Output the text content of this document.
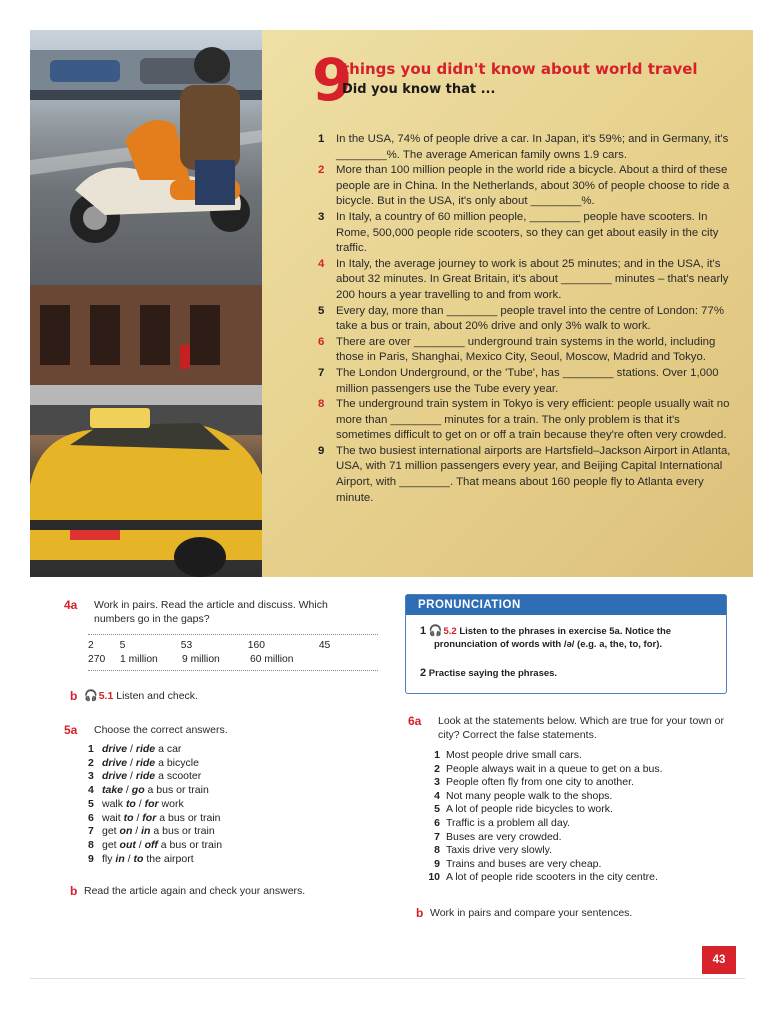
9
things you didn't know about world travel
Did you know that ...
1 In the USA, 74% of people drive a car. In Japan, it's 59%; and in Germany, it's ________%. The average American family owns 1.9 cars.
2 More than 100 million people in the world ride a bicycle. About a third of these people are in China. In the Netherlands, about 30% of people choose to ride a bicycle. But in the USA, it's only about ________%.
3 In Italy, a country of 60 million people, ________ people have scooters. In Rome, 500,000 people ride scooters, so they can get about easily in the city traffic.
4 In Italy, the average journey to work is about 25 minutes; and in the USA, it's about 32 minutes. In Great Britain, it's about ________ minutes – that's nearly 200 hours a year travelling to and from work.
5 Every day, more than ________ people travel into the centre of London: 77% take a bus or train, about 20% drive and only 3% walk to work.
6 There are over ________ underground train systems in the world, including those in Paris, Shanghai, Mexico City, Seoul, Moscow, Madrid and Tokyo.
7 The London Underground, or the 'Tube', has ________ stations. Over 1,000 million passengers use the Tube every year.
8 The underground train system in Tokyo is very efficient: people usually wait no more than ________ minutes for a train. The only problem is that it's sometimes difficult to get on or off a train because they're often very crowded.
9 The two busiest international airports are Hartsfield–Jackson Airport in Atlanta, USA, with 71 million passengers every year, and Beijing Capital International Airport, with ________. That means about 160 people fly to Atlanta every minute.
4a Work in pairs. Read the article and discuss. Which numbers go in the gaps?
2	5	53	160	45
270	1 million	9 million	60 million
b 🎧5.1 Listen and check.
5a Choose the correct answers.
1 drive / ride a car
2 drive / ride a bicycle
3 drive / ride a scooter
4 take / go a bus or train
5 walk to / for work
6 wait to / for a bus or train
7 get on / in a bus or train
8 get out / off a bus or train
9 fly in / to the airport
b Read the article again and check your answers.
PRONUNCIATION
1 🎧5.2 Listen to the phrases in exercise 5a. Notice the
pronunciation of words with /ə/ (e.g. a, the, to, for).
2 Practise saying the phrases.
6a Look at the statements below. Which are true for your town or city? Correct the false statements.
1 Most people drive small cars.
2 People always wait in a queue to get on a bus.
3 People often fly from one city to another.
4 Not many people walk to the shops.
5 A lot of people ride bicycles to work.
6 Traffic is a problem all day.
7 Buses are very crowded.
8 Taxis drive very slowly.
9 Trains and buses are very cheap.
10 A lot of people ride scooters in the city centre.
b Work in pairs and compare your sentences.
43
